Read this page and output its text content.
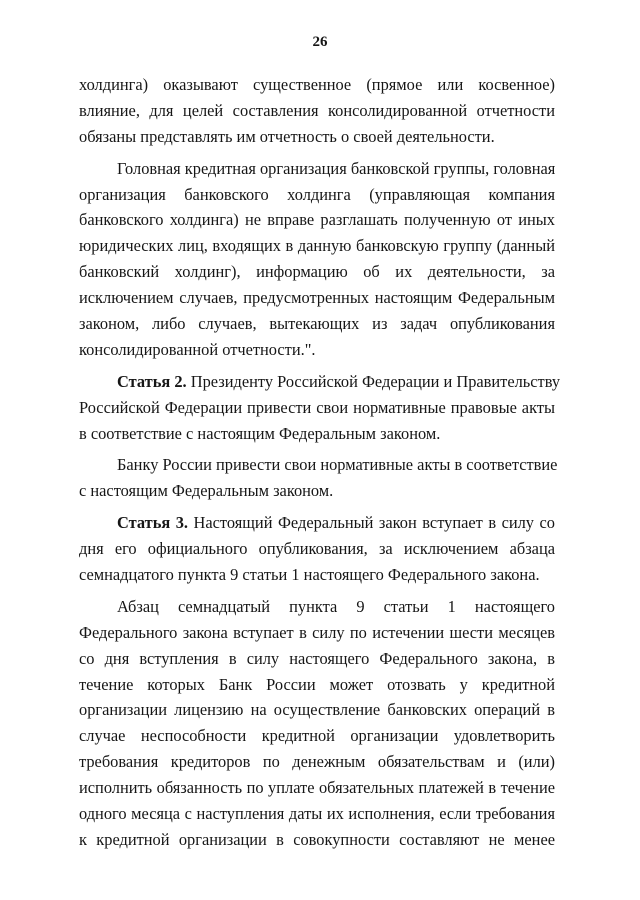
26
холдинга) оказывают существенное (прямое или косвенное)
влияние, для целей составления консолидированной отчетности
обязаны представлять им отчетность о своей деятельности.
Головная кредитная организация банковской группы, головная
организация банковского холдинга (управляющая компания
банковского холдинга) не вправе разглашать полученную от иных
юридических лиц, входящих в данную банковскую группу (данный
банковский холдинг), информацию об их деятельности, за
исключением случаев, предусмотренных настоящим Федеральным
законом, либо случаев, вытекающих из задач опубликования
консолидированной отчетности.".
Статья 2. Президенту Российской Федерации и Правительству
Российской Федерации привести свои нормативные правовые акты
в соответствие с настоящим Федеральным законом.
Банку России привести свои нормативные акты в соответствие
с настоящим Федеральным законом.
Статья 3. Настоящий Федеральный закон вступает в силу со
дня его официального опубликования, за исключением абзаца
семнадцатого пункта 9 статьи 1 настоящего Федерального закона.
Абзац семнадцатый пункта 9 статьи 1 настоящего
Федерального закона вступает в силу по истечении шести месяцев
со дня вступления в силу настоящего Федерального закона, в
течение которых Банк России может отозвать у кредитной
организации лицензию на осуществление банковских операций в
случае неспособности кредитной организации удовлетворить
требования кредиторов по денежным обязательствам и (или)
исполнить обязанность по уплате обязательных платежей в течение
одного месяца с наступления даты их исполнения, если требования
к кредитной организации в совокупности составляют не менее
